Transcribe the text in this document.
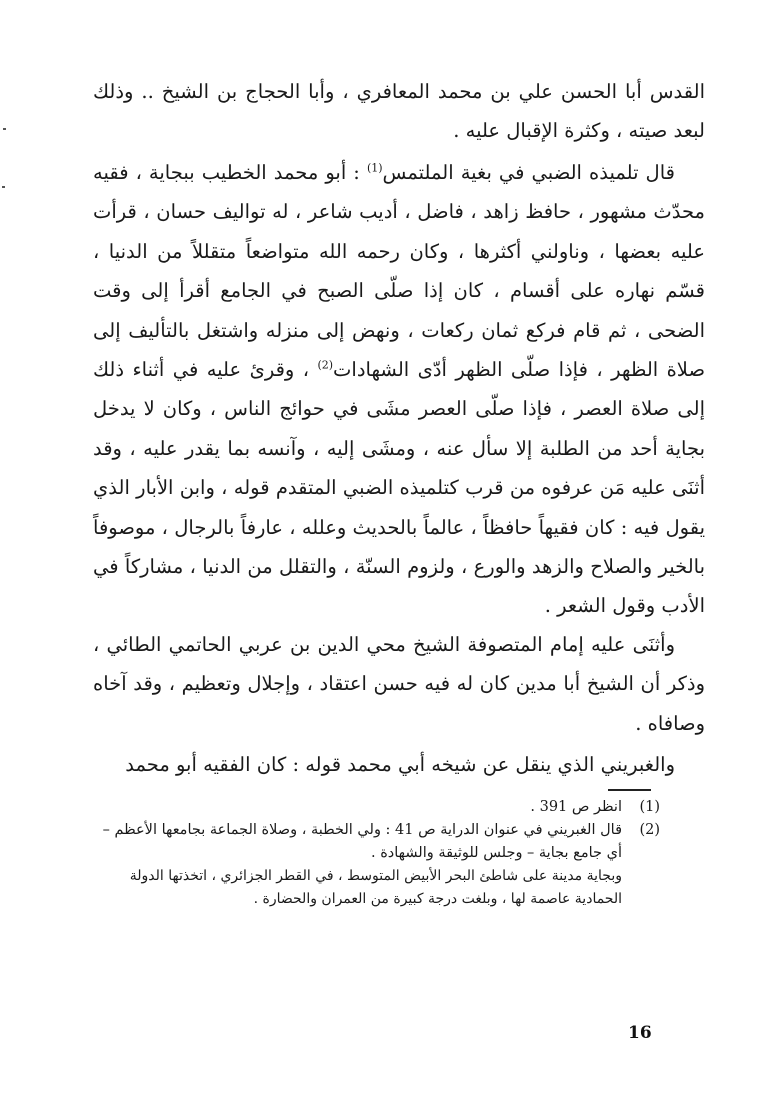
القدس أبا الحسن علي بن محمد المعافري ، وأبا الحجاج بن الشيخ .. وذلك لبعد صيته ، وكثرة الإقبال عليه .

قال تلميذه الضبي في بغية الملتمس$^{(1)}$ : أبو محمد الخطيب ببجاية ، فقيه محدّث مشهور ، حافظ زاهد ، فاضل ، أديب شاعر ، له تواليف حسان ، قرأت عليه بعضها ، وناولني أكثرها ، وكان رحمه الله متواضعاً متقللاً من الدنيا ، قسّم نهاره على أقسام ، كان إذا صلّى الصبح في الجامع أقرأ إلى وقت الضحى ، ثم قام فركع ثمان ركعات ، ونهض إلى منزله واشتغل بالتأليف إلى صلاة الظهر ، فإذا صلّى الظهر أدّى الشهادات$^{(2)}$ ، وقرئ عليه في أثناء ذلك إلى صلاة العصر ، فإذا صلّى العصر مشَى في حوائج الناس ، وكان لا يدخل بجاية أحد من الطلبة إلا سأل عنه ، ومشَى إليه ، وآنسه بما يقدر عليه ، وقد أثنَى عليه مَن عرفوه من قرب كتلميذه الضبي المتقدم قوله ، وابن الأبار الذي يقول فيه : كان فقيهاً حافظاً ، عالماً بالحديث وعلله ، عارفاً بالرجال ، موصوفاً بالخير والصلاح والزهد والورع ، ولزوم السنّة ، والتقلل من الدنيا ، مشاركاً في الأدب وقول الشعر .

وأثنَى عليه إمام المتصوفة الشيخ محي الدين بن عربي الحاتمي الطائي ، وذكر أن الشيخ أبا مدين كان له فيه حسن اعتقاد ، وإجلال وتعظيم ، وقد آخاه وصافاه .

والغبريني الذي ينقل عن شيخه أبي محمد قوله : كان الفقيه أبو محمد

(1)
انظر ص 391 .
(2)
قال الغبريني في عنوان الدراية ص 41 : ولي الخطبة ، وصلاة الجماعة بجامعها الأعظم – أي جامع بجاية – وجلس للوثيقة والشهادة .
وبجاية مدينة على شاطئ البحر الأبيض المتوسط ، في القطر الجزائري ، اتخذتها الدولة الحمادية عاصمة لها ، وبلغت درجة كبيرة من العمران والحضارة .
16
